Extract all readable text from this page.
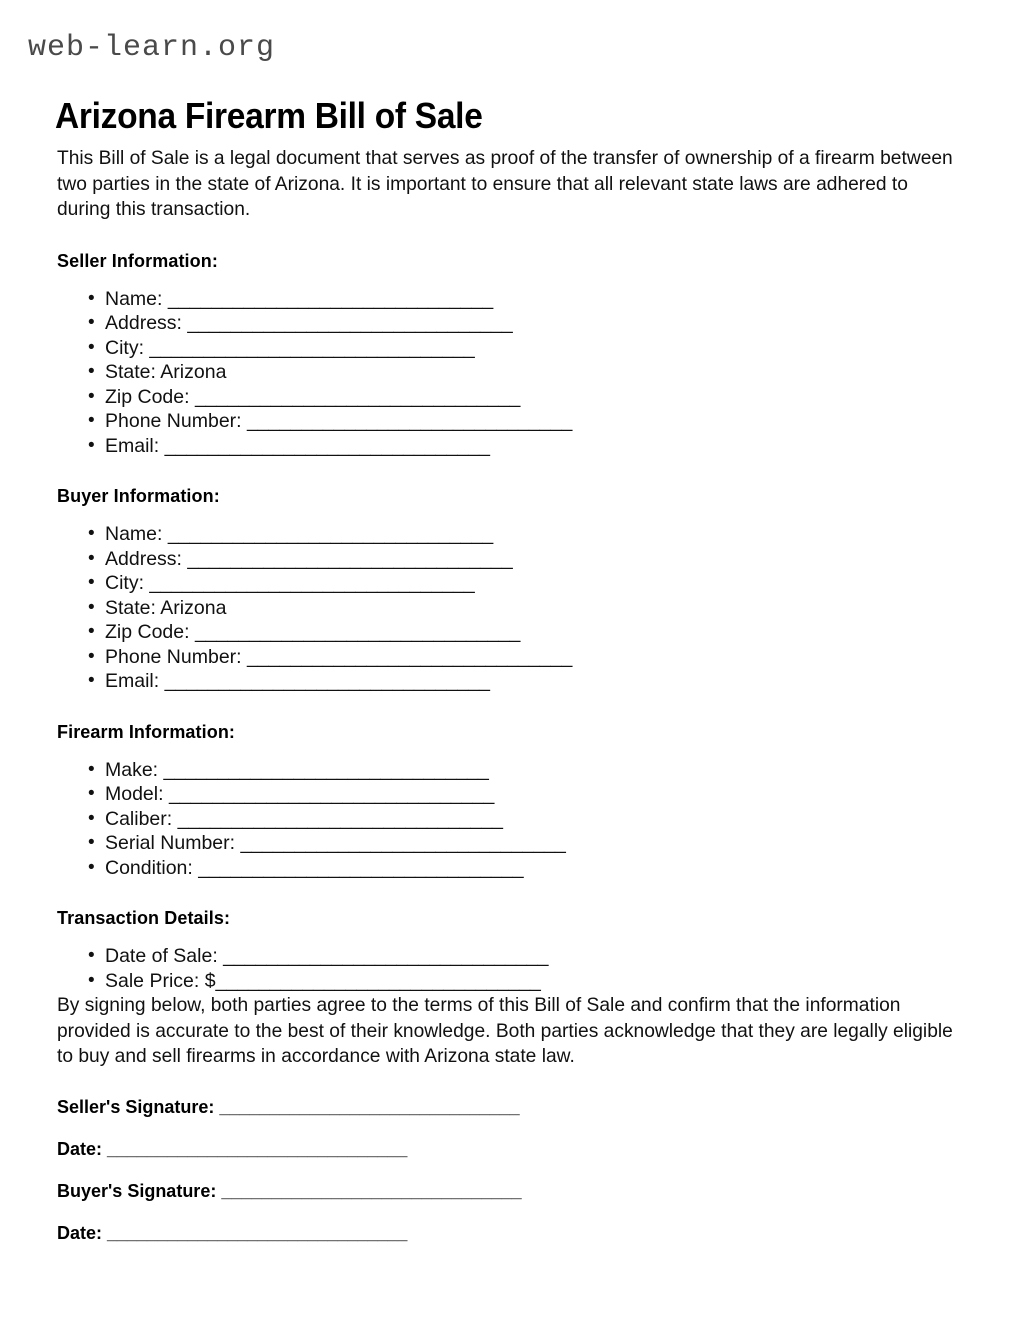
web-learn.org
Arizona Firearm Bill of Sale

This Bill of Sale is a legal document that serves as proof of the transfer of ownership of a firearm between two parties in the state of Arizona. It is important to ensure that all relevant state laws are adhered to during this transaction.

Seller Information:
• Name: ______________________________
• Address: ______________________________
• City: ______________________________
• State: Arizona
• Zip Code: ______________________________
• Phone Number: ______________________________
• Email: ______________________________
Buyer Information:
• Name: ______________________________
• Address: ______________________________
• City: ______________________________
• State: Arizona
• Zip Code: ______________________________
• Phone Number: ______________________________
• Email: ______________________________
Firearm Information:
• Make: ______________________________
• Model: ______________________________
• Caliber: ______________________________
• Serial Number: ______________________________
• Condition: ______________________________
Transaction Details:
• Date of Sale: ______________________________
• Sale Price: $______________________________

By signing below, both parties agree to the terms of this Bill of Sale and confirm that the information provided is accurate to the best of their knowledge. Both parties acknowledge that they are legally eligible to buy and sell firearms in accordance with Arizona state law.

Seller's Signature: ______________________________
Date: ______________________________
Buyer's Signature: ______________________________
Date: ______________________________
